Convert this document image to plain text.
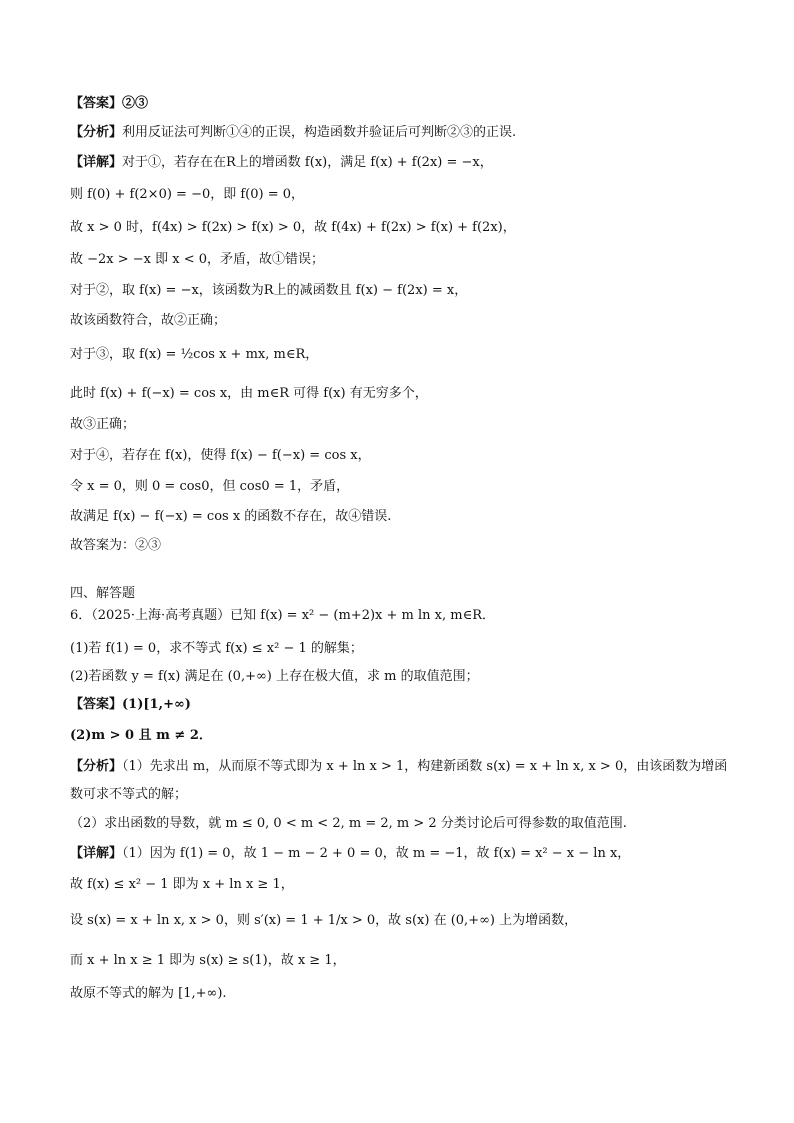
【答案】②③
【分析】利用反证法可判断①④的正误，构造函数并验证后可判断②③的正误.
【详解】对于①，若存在在R上的增函数 f(x)，满足 f(x) + f(2x) = −x，
则 f(0) + f(2×0) = −0，即 f(0) = 0，
故 x > 0 时，f(4x) > f(2x) > f(x) > 0，故 f(4x) + f(2x) > f(x) + f(2x)，
故 −2x > −x 即 x < 0，矛盾，故①错误；
对于②，取 f(x) = −x，该函数为R上的减函数且 f(x) − f(2x) = x，
故该函数符合，故②正确；
对于③，取 f(x) = ½cos x + mx, m∈R，
此时 f(x) + f(−x) = cos x，由 m∈R 可得 f(x) 有无穷多个，
故③正确；
对于④，若存在 f(x)，使得 f(x) − f(−x) = cos x，
令 x = 0，则 0 = cos0，但 cos0 = 1，矛盾，
故满足 f(x) − f(−x) = cos x 的函数不存在，故④错误.
故答案为：②③
四、解答题
6．（2025·上海·高考真题）已知 f(x) = x² − (m+2)x + m ln x, m∈R．
(1)若 f(1) = 0，求不等式 f(x) ≤ x² − 1 的解集；
(2)若函数 y = f(x) 满足在 (0,+∞) 上存在极大值，求 m 的取值范围；
【答案】(1)[1,+∞)
(2)m > 0 且 m ≠ 2．
【分析】（1）先求出 m，从而原不等式即为 x + ln x > 1，构建新函数 s(x) = x + ln x, x > 0，由该函数为增函
数可求不等式的解；
（2）求出函数的导数，就 m ≤ 0, 0 < m < 2, m = 2, m > 2 分类讨论后可得参数的取值范围.
【详解】（1）因为 f(1) = 0，故 1 − m − 2 + 0 = 0，故 m = −1，故 f(x) = x² − x − ln x，
故 f(x) ≤ x² − 1 即为 x + ln x ≥ 1，
设 s(x) = x + ln x, x > 0，则 s′(x) = 1 + 1/x > 0，故 s(x) 在 (0,+∞) 上为增函数，
而 x + ln x ≥ 1 即为 s(x) ≥ s(1)，故 x ≥ 1，
故原不等式的解为 [1,+∞).
